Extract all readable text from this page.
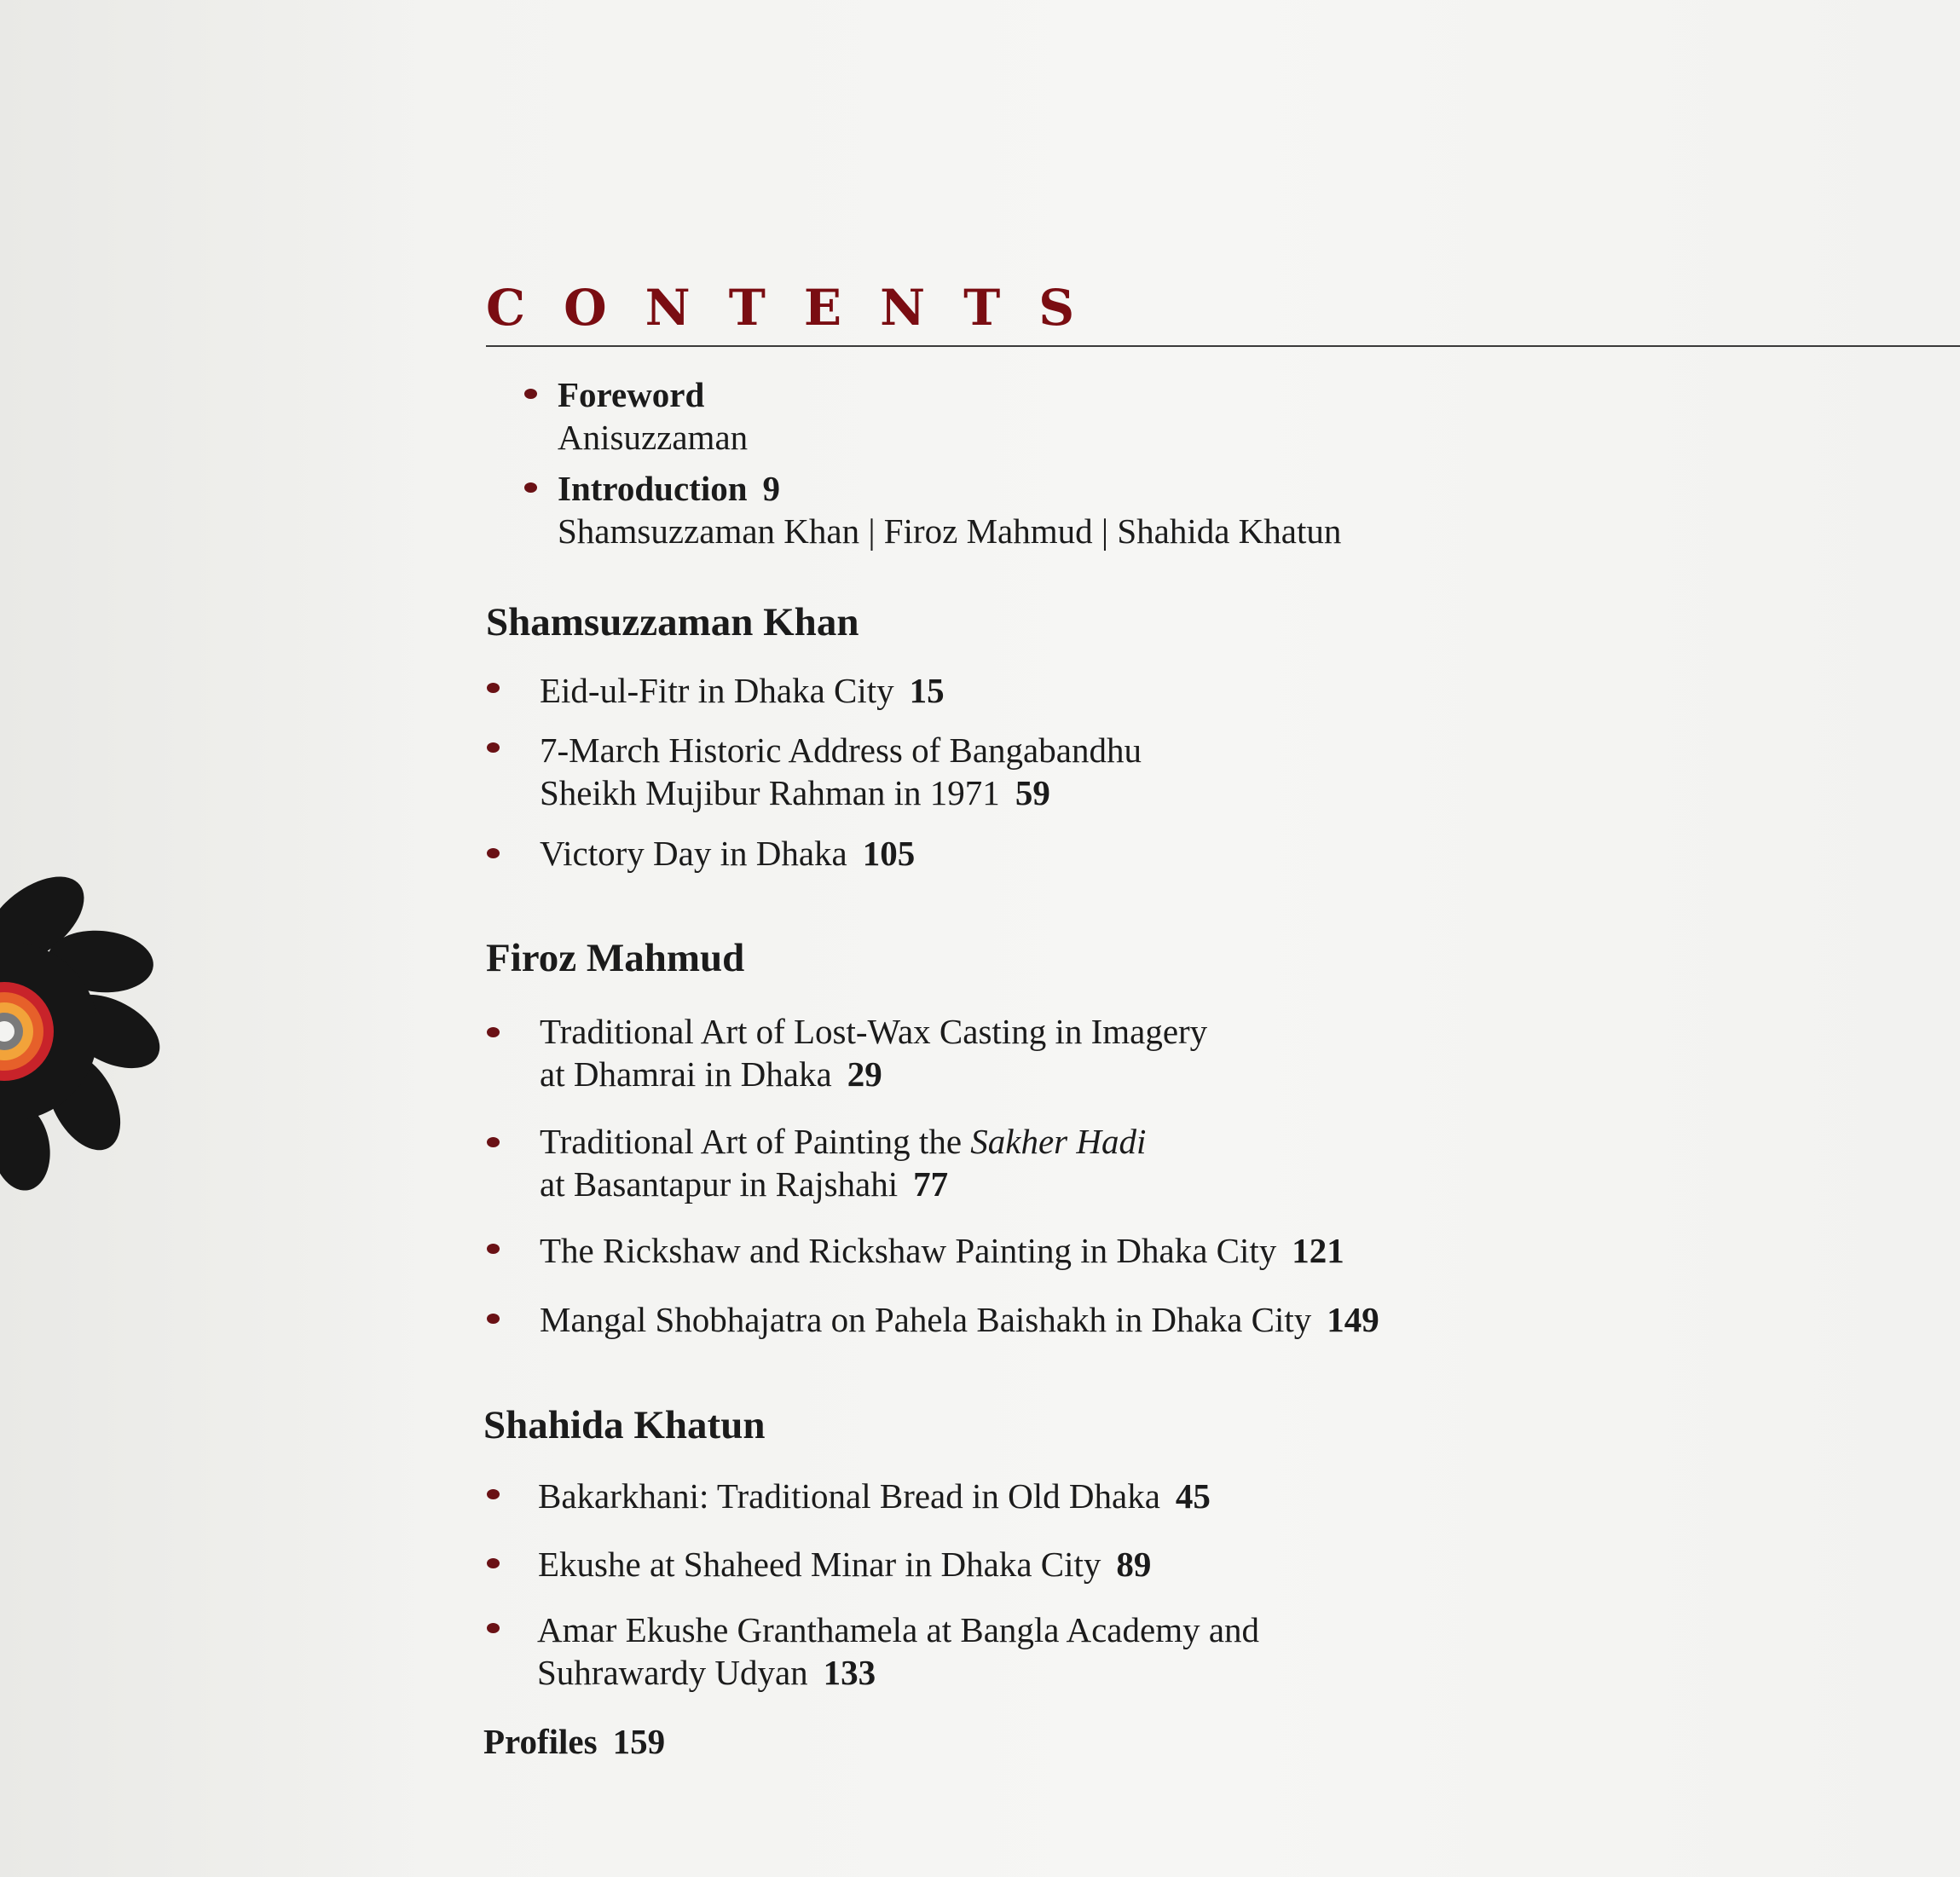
CONTENTS
Foreword
Anisuzzaman
Introduction 9
Shamsuzzaman Khan | Firoz Mahmud | Shahida Khatun
Shamsuzzaman Khan
Eid-ul-Fitr in Dhaka City 15
7-March Historic Address of Bangabandhu
Sheikh Mujibur Rahman in 1971 59
Victory Day in Dhaka 105
Firoz Mahmud
Traditional Art of Lost-Wax Casting in Imagery
at Dhamrai in Dhaka 29
Traditional Art of Painting the Sakher Hadi
at Basantapur in Rajshahi 77
The Rickshaw and Rickshaw Painting in Dhaka City 121
Mangal Shobhajatra on Pahela Baishakh in Dhaka City 149
Shahida Khatun
Bakarkhani: Traditional Bread in Old Dhaka 45
Ekushe at Shaheed Minar in Dhaka City 89
Amar Ekushe Granthamela at Bangla Academy and
Suhrawardy Udyan 133
Profiles 159
